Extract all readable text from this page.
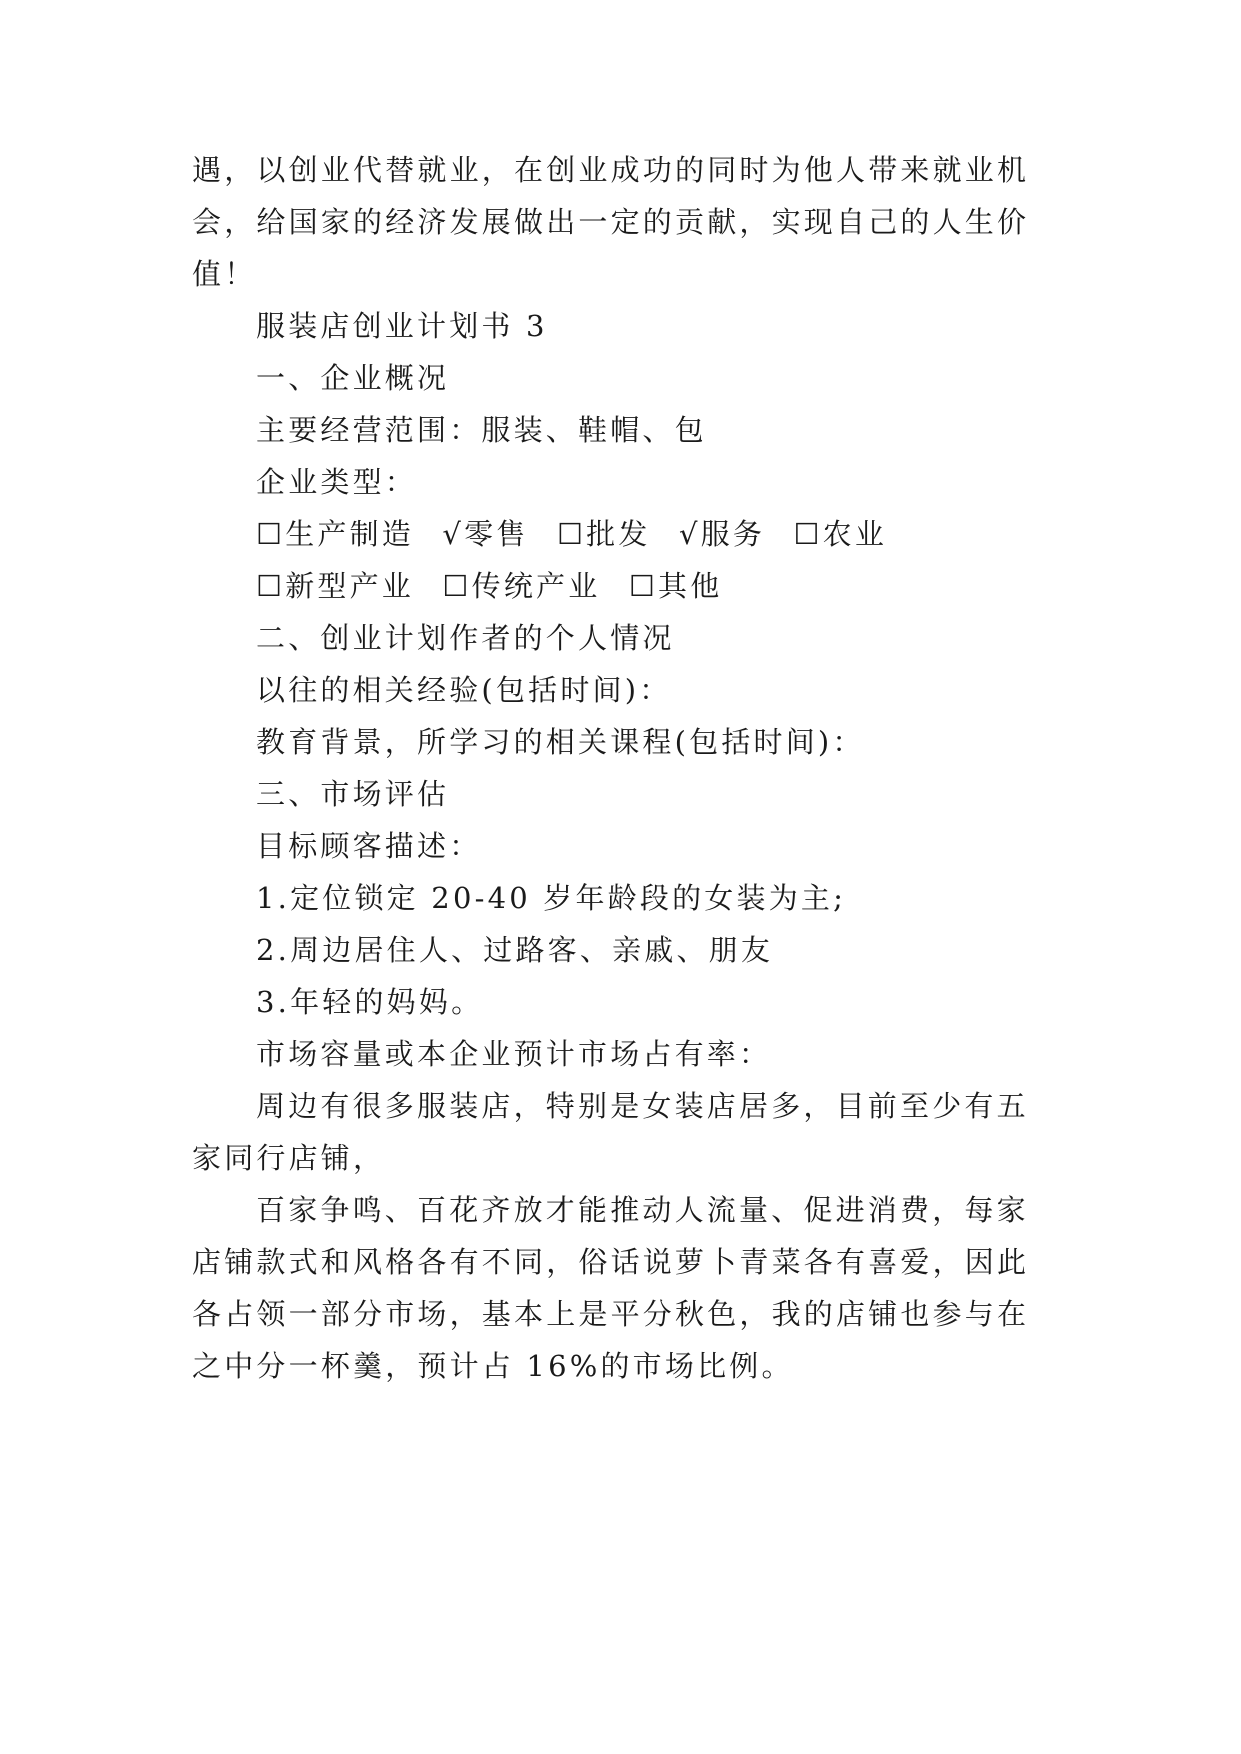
遇，以创业代替就业，在创业成功的同时为他人带来就业机
会，给国家的经济发展做出一定的贡献，实现自己的人生价
值！
服装店创业计划书 3
一、企业概况
主要经营范围：服装、鞋帽、包
企业类型：
☐生产制造 √零售 ☐批发 √服务 ☐农业
☐新型产业 ☐传统产业 ☐其他
二、创业计划作者的个人情况
以往的相关经验(包括时间)：
教育背景，所学习的相关课程(包括时间)：
三、市场评估
目标顾客描述：
1.定位锁定 20-40 岁年龄段的女装为主;
2.周边居住人、过路客、亲戚、朋友
3.年轻的妈妈。
市场容量或本企业预计市场占有率：
周边有很多服装店，特别是女装店居多，目前至少有五
家同行店铺，
百家争鸣、百花齐放才能推动人流量、促进消费，每家
店铺款式和风格各有不同，俗话说萝卜青菜各有喜爱，因此
各占领一部分市场，基本上是平分秋色，我的店铺也参与在
之中分一杯羹，预计占 16%的市场比例。
